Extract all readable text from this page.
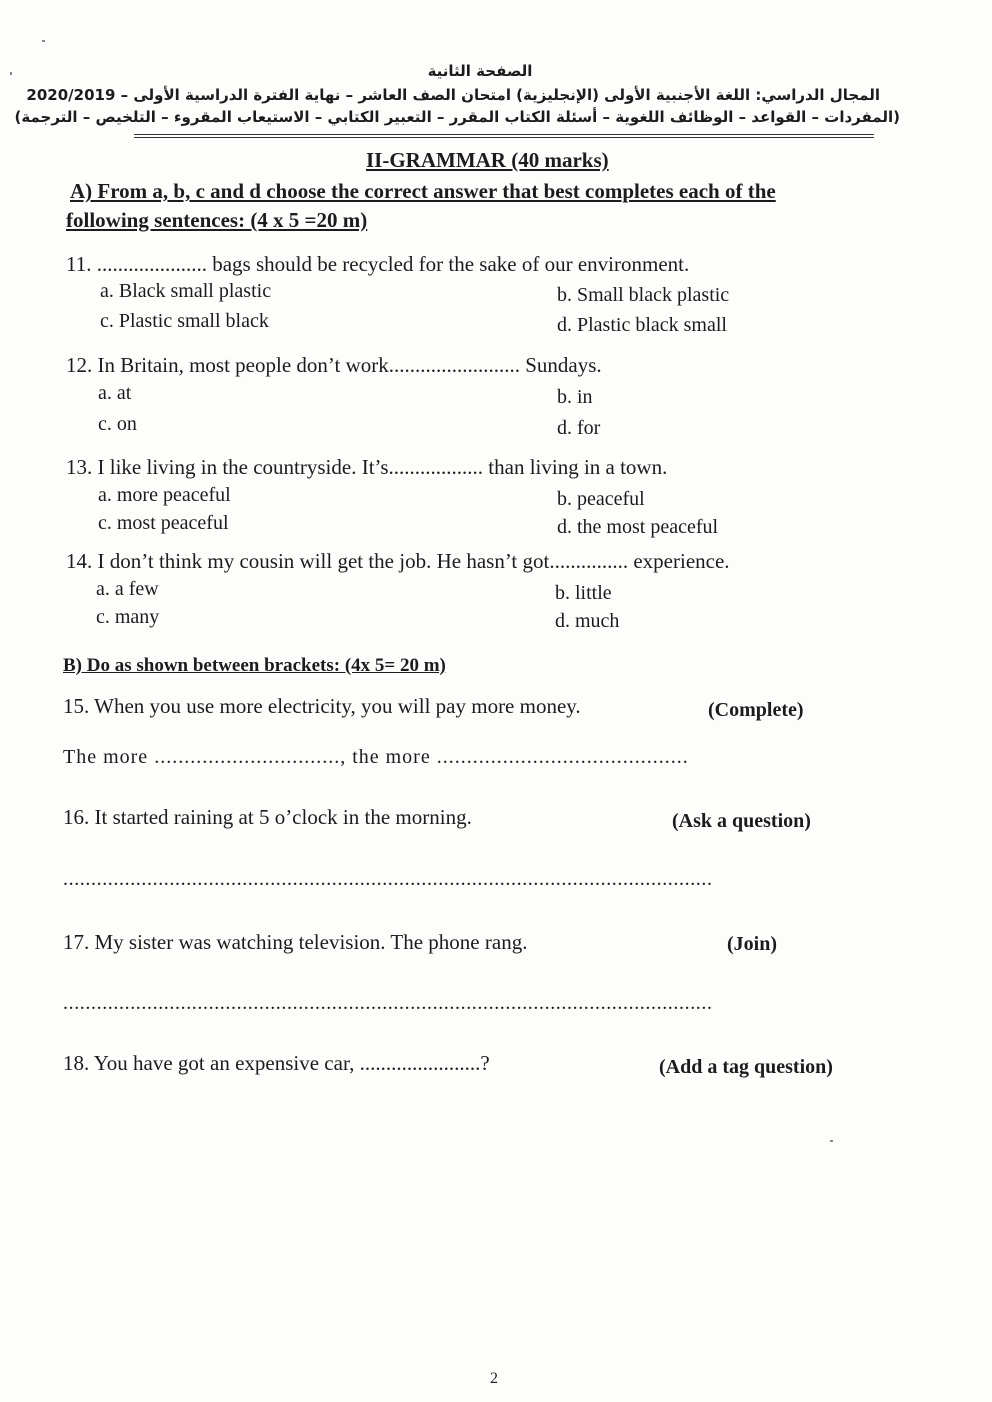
الصفحة الثانية
المجال الدراسي: اللغة الأجنبية الأولى (الإنجليزية) امتحان الصف العاشر – نهاية الفترة الدراسية الأولى – 2020/2019
(المفردات – القواعد – الوظائف اللغوية – أسئلة الكتاب المقرر – التعبير الكتابي – الاستيعاب المقروء – التلخيص – الترجمة)
II-GRAMMAR (40 marks)
A) From a, b, c and d choose the correct answer that best completes each of the
following sentences: (4 x 5 =20 m)
11. ..................... bags should be recycled for the sake of our environment.
a. Black small plastic	b. Small black plastic
c. Plastic small black	d. Plastic black small
12. In Britain, most people don’t work......................... Sundays.
a. at	b. in
c. on	d. for
13. I like living in the countryside. It’s.................. than living in a town.
a. more peaceful	b. peaceful
c. most peaceful	d. the most peaceful
14. I don’t think my cousin will get the job. He hasn’t got............... experience.
a. a few	b. little
c. many	d. much
B) Do as shown between brackets: (4x 5= 20 m)
15. When you use more electricity, you will pay more money.	(Complete)
The more ..............................., the more ..........................................
16. It started raining at 5 o’clock in the morning.	(Ask a question)
....................................................................................................................
17. My sister was watching television. The phone rang.	(Join)
....................................................................................................................
18. You have got an expensive car, .......................?	(Add a tag question)
2
